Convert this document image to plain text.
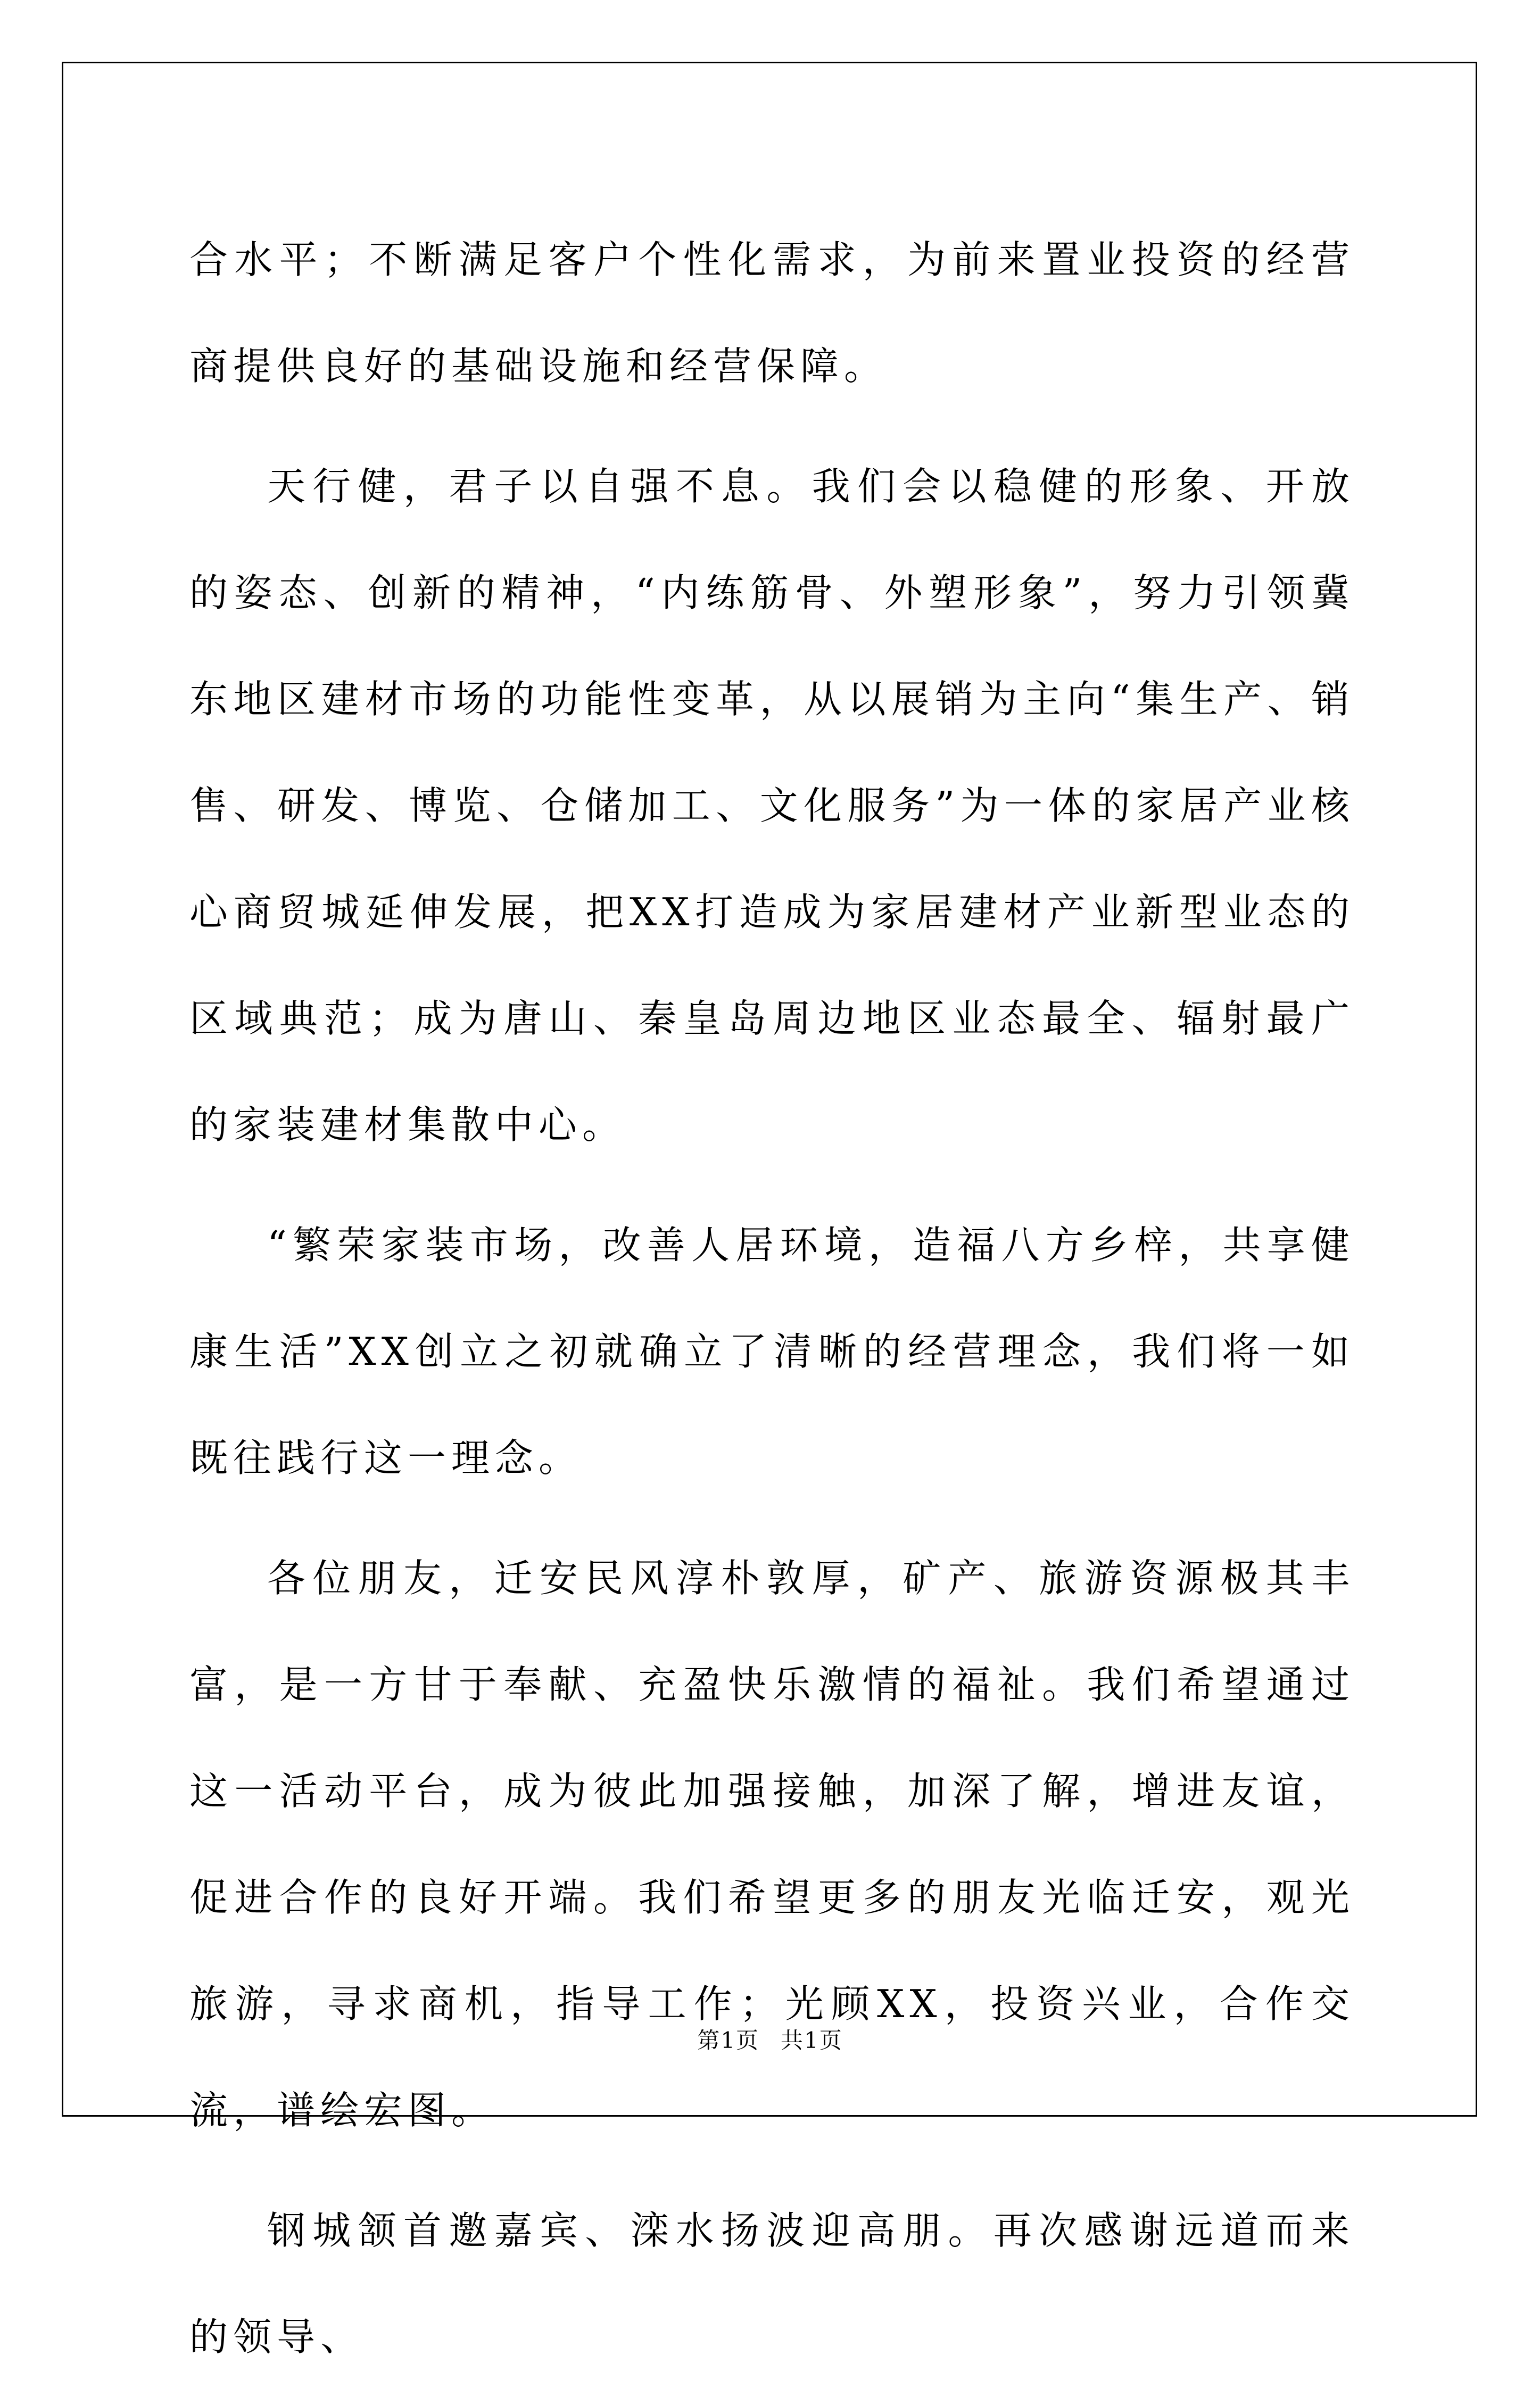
合水平；不断满足客户个性化需求，为前来置业投资的经营商提供良好的基础设施和经营保障。

天行健，君子以自强不息。我们会以稳健的形象、开放的姿态、创新的精神，“内练筋骨、外塑形象”，努力引领冀东地区建材市场的功能性变革，从以展销为主向“集生产、销售、研发、博览、仓储加工、文化服务”为一体的家居产业核心商贸城延伸发展，把XX打造成为家居建材产业新型业态的区域典范；成为唐山、秦皇岛周边地区业态最全、辐射最广的家装建材集散中心。

“繁荣家装市场，改善人居环境，造福八方乡梓，共享健康生活”XX创立之初就确立了清晰的经营理念，我们将一如既往践行这一理念。

各位朋友，迁安民风淳朴敦厚，矿产、旅游资源极其丰富，是一方甘于奉献、充盈快乐激情的福祉。我们希望通过这一活动平台，成为彼此加强接触，加深了解，增进友谊，促进合作的良好开端。我们希望更多的朋友光临迁安，观光旅游，寻求商机，指导工作；光顾XX，投资兴业，合作交流，谱绘宏图。

钢城颔首邀嘉宾、滦水扬波迎高朋。再次感谢远道而来的领导、

第1页 共1页
